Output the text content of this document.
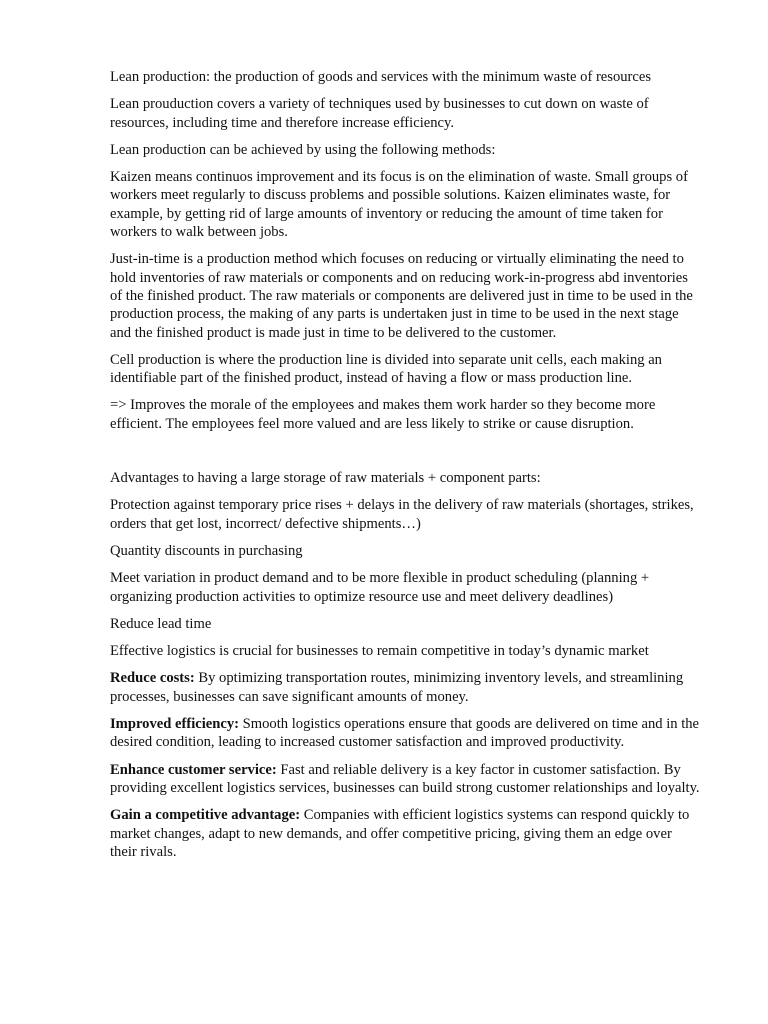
Lean production: the production of goods and services with the minimum waste of resources

Lean prouduction covers a variety of techniques used by businesses to cut down on waste of resources, including time and therefore increase efficiency.

Lean production can be achieved by using the following methods:

Kaizen means continuos improvement and its focus is on the elimination of waste. Small groups of workers meet regularly to discuss problems and possible solutions. Kaizen eliminates waste, for example, by getting rid of large amounts of inventory or reducing the amount of time taken for workers to walk between jobs.

Just-in-time is a production method which focuses on reducing or virtually eliminating the need to hold inventories of raw materials or components and on reducing work-in-progress abd inventories of the finished product. The raw materials or components are delivered just in time to be used in the production process, the making of any parts is undertaken just in time to be used in the next stage and the finished product is made just in time to be delivered to the customer.

Cell production is where the production line is divided into separate unit cells, each making an identifiable part of the finished product, instead of having a flow or mass production line.

=> Improves the morale of the employees and makes them work harder so they become more efficient. The employees feel more valued and are less likely to strike or cause disruption.

Advantages to having a large storage of raw materials + component parts:

Protection against temporary price rises + delays in the delivery of raw materials (shortages, strikes, orders that get lost, incorrect/ defective shipments…)

Quantity discounts in purchasing

Meet variation in product demand and to be more flexible in product scheduling (planning + organizing production activities to optimize resource use and meet delivery deadlines)

Reduce lead time

Effective logistics is crucial for businesses to remain competitive in today’s dynamic market

Reduce costs: By optimizing transportation routes, minimizing inventory levels, and streamlining processes, businesses can save significant amounts of money.

Improved efficiency: Smooth logistics operations ensure that goods are delivered on time and in the desired condition, leading to increased customer satisfaction and improved productivity.

Enhance customer service: Fast and reliable delivery is a key factor in customer satisfaction. By providing excellent logistics services, businesses can build strong customer relationships and loyalty.

Gain a competitive advantage: Companies with efficient logistics systems can respond quickly to market changes, adapt to new demands, and offer competitive pricing, giving them an edge over their rivals.
